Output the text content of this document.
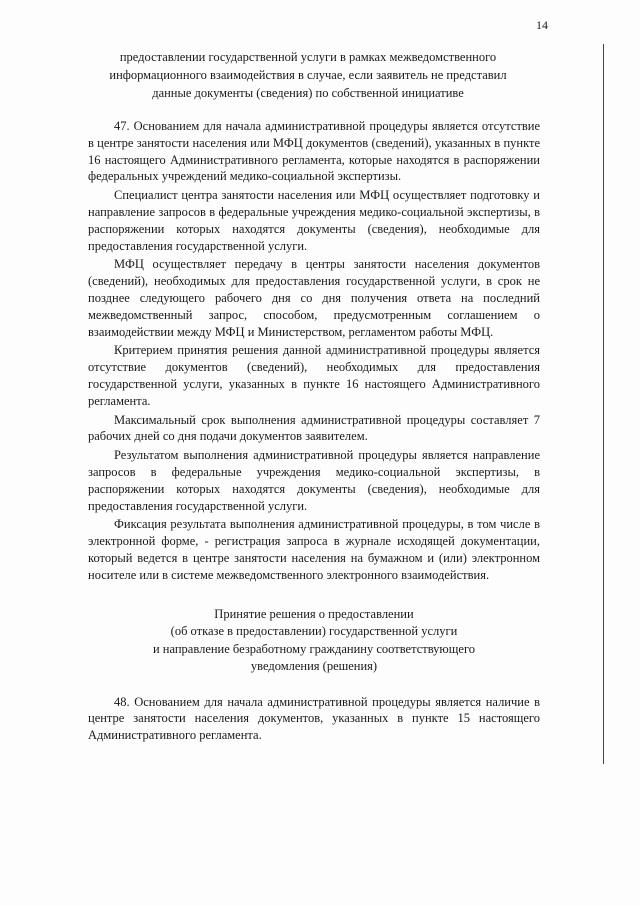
14
предоставлении государственной услуги в рамках межведомственного
информационного взаимодействия в случае, если заявитель не представил
данные документы (сведения) по собственной инициативе

47. Основанием для начала административной процедуры является отсутствие в центре занятости населения или МФЦ документов (сведений), указанных в пункте 16 настоящего Административного регламента, которые находятся в распоряжении федеральных учреждений медико-социальной экспертизы.

Специалист центра занятости населения или МФЦ осуществляет подготовку и направление запросов в федеральные учреждения медико-социальной экспертизы, в распоряжении которых находятся документы (сведения), необходимые для предоставления государственной услуги.

МФЦ осуществляет передачу в центры занятости населения документов (сведений), необходимых для предоставления государственной услуги, в срок не позднее следующего рабочего дня со дня получения ответа на последний межведомственный запрос, способом, предусмотренным соглашением о взаимодействии между МФЦ и Министерством, регламентом работы МФЦ.

Критерием принятия решения данной административной процедуры является отсутствие документов (сведений), необходимых для предоставления государственной услуги, указанных в пункте 16 настоящего Административного регламента.

Максимальный срок выполнения административной процедуры составляет 7 рабочих дней со дня подачи документов заявителем.

Результатом выполнения административной процедуры является направление запросов в федеральные учреждения медико-социальной экспертизы, в распоряжении которых находятся документы (сведения), необходимые для предоставления государственной услуги.

Фиксация результата выполнения административной процедуры, в том числе в электронной форме, - регистрация запроса в журнале исходящей документации, который ведется в центре занятости населения на бумажном и (или) электронном носителе или в системе межведомственного электронного взаимодействия.

Принятие решения о предоставлении
(об отказе в предоставлении) государственной услуги
и направление безработному гражданину соответствующего
уведомления (решения)

48. Основанием для начала административной процедуры является наличие в центре занятости населения документов, указанных в пункте 15 настоящего Административного регламента.
